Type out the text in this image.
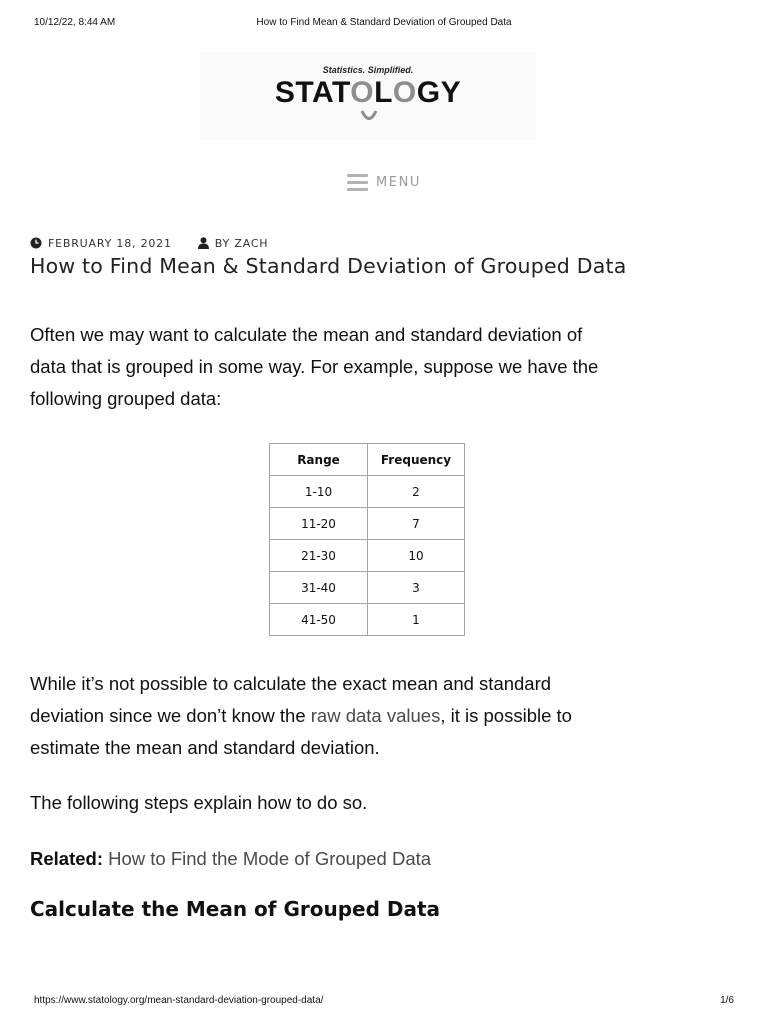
10/12/22, 8:44 AM	How to Find Mean & Standard Deviation of Grouped Data
Statistics. Simplified.
STATOLOGY
MENU
FEBRUARY 18, 2021	BY ZACH
How to Find Mean & Standard Deviation of Grouped Data

Often we may want to calculate the mean and standard deviation of
data that is grouped in some way. For example, suppose we have the
following grouped data:

Range	Frequency
1-10	2
11-20	7
21-30	10
31-40	3
41-50	1

While it’s not possible to calculate the exact mean and standard
deviation since we don’t know the raw data values, it is possible to
estimate the mean and standard deviation.

The following steps explain how to do so.

Related: How to Find the Mode of Grouped Data

Calculate the Mean of Grouped Data
https://www.statology.org/mean-standard-deviation-grouped-data/	1/6
